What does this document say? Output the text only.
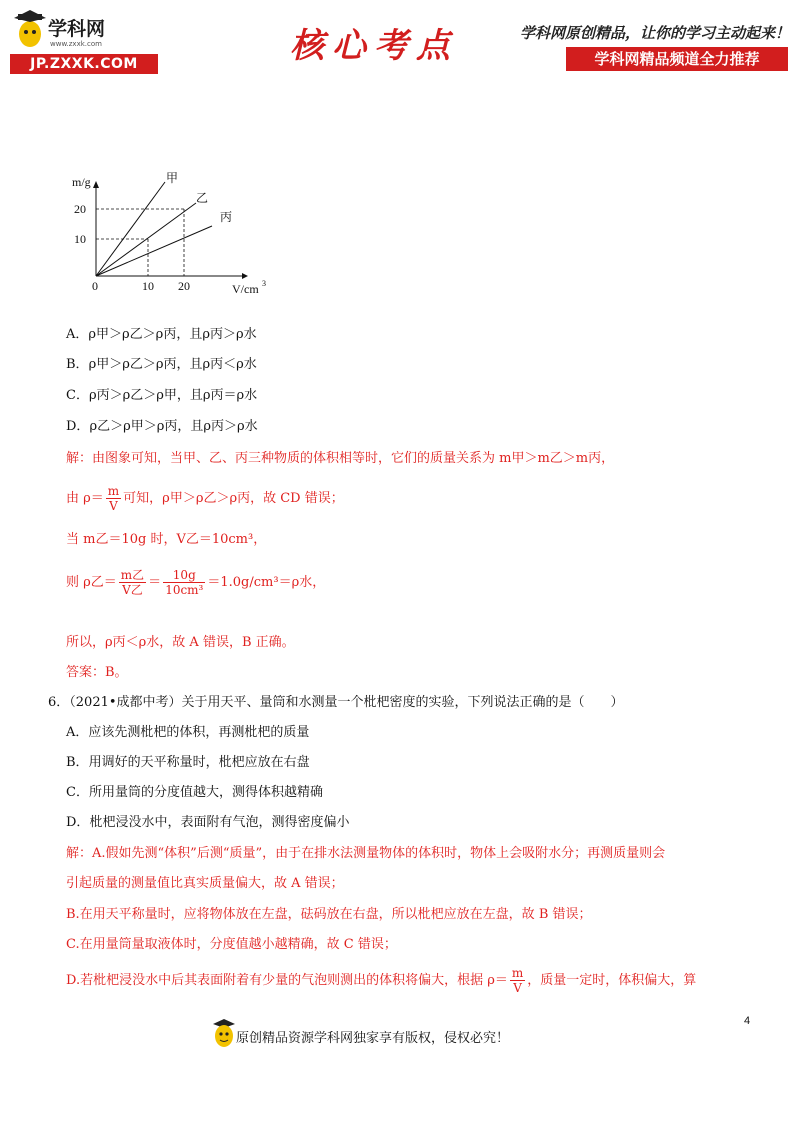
学科网
www.zxxk.com
JP.ZXXK.COM	核心考点	学科网原创精品，让你的学习主动起来！
学科网精品频道全力推荐
m/g
20
10
0	10 20	V/cm 3
甲
乙
丙
A．ρ甲＞ρ乙＞ρ丙，且ρ丙＞ρ水
B．ρ甲＞ρ乙＞ρ丙，且ρ丙＜ρ水
C．ρ丙＞ρ乙＞ρ甲，且ρ丙＝ρ水
D．ρ乙＞ρ甲＞ρ丙，且ρ丙＞ρ水
解：由图象可知，当甲、乙、丙三种物质的体积相等时，它们的质量关系为 m甲＞m乙＞m丙，
由 $\rho= \frac{m}{V}$ 可知，ρ甲＞ρ乙＞ρ丙，故 CD 错误；
当 m乙＝10g 时，V乙＝10cm³，
则 ρ乙＝ $\frac{\text{m乙}}{\text{V乙}} = \frac{10g}{\text{10cm³}} =1.0g/cm^3=\rho$水，
所以，ρ丙＜ρ水，故 A 错误，B 正确。
答案：B。
6．（2021•成都中考）关于用天平、量筒和水测量一个枇杷密度的实验，下列说法正确的是（　　）
A．应该先测枇杷的体积，再测枇杷的质量
B．用调好的天平称量时，枇杷应放在右盘
C．所用量筒的分度值越大，测得体积越精确
D．枇杷浸没水中，表面附有气泡，测得密度偏小
解：A.假如先测“体积”后测“质量”，由于在排水法测量物体的体积时，物体上会吸附水分；再测质量则会
引起质量的测量值比真实质量偏大，故 A 错误；
B.在用天平称量时，应将物体放在左盘，砝码放在右盘，所以枇杷应放在左盘，故 B 错误；
C.在用量筒量取液体时，分度值越小越精确，故 C 错误；
D.若枇杷浸没水中后其表面附着有少量的气泡则测出的体积将偏大，根据 $\rho= \frac{m}{V}$ ，质量一定时，体积偏大，算
原创精品资源学科网独家享有版权，侵权必究！
4
